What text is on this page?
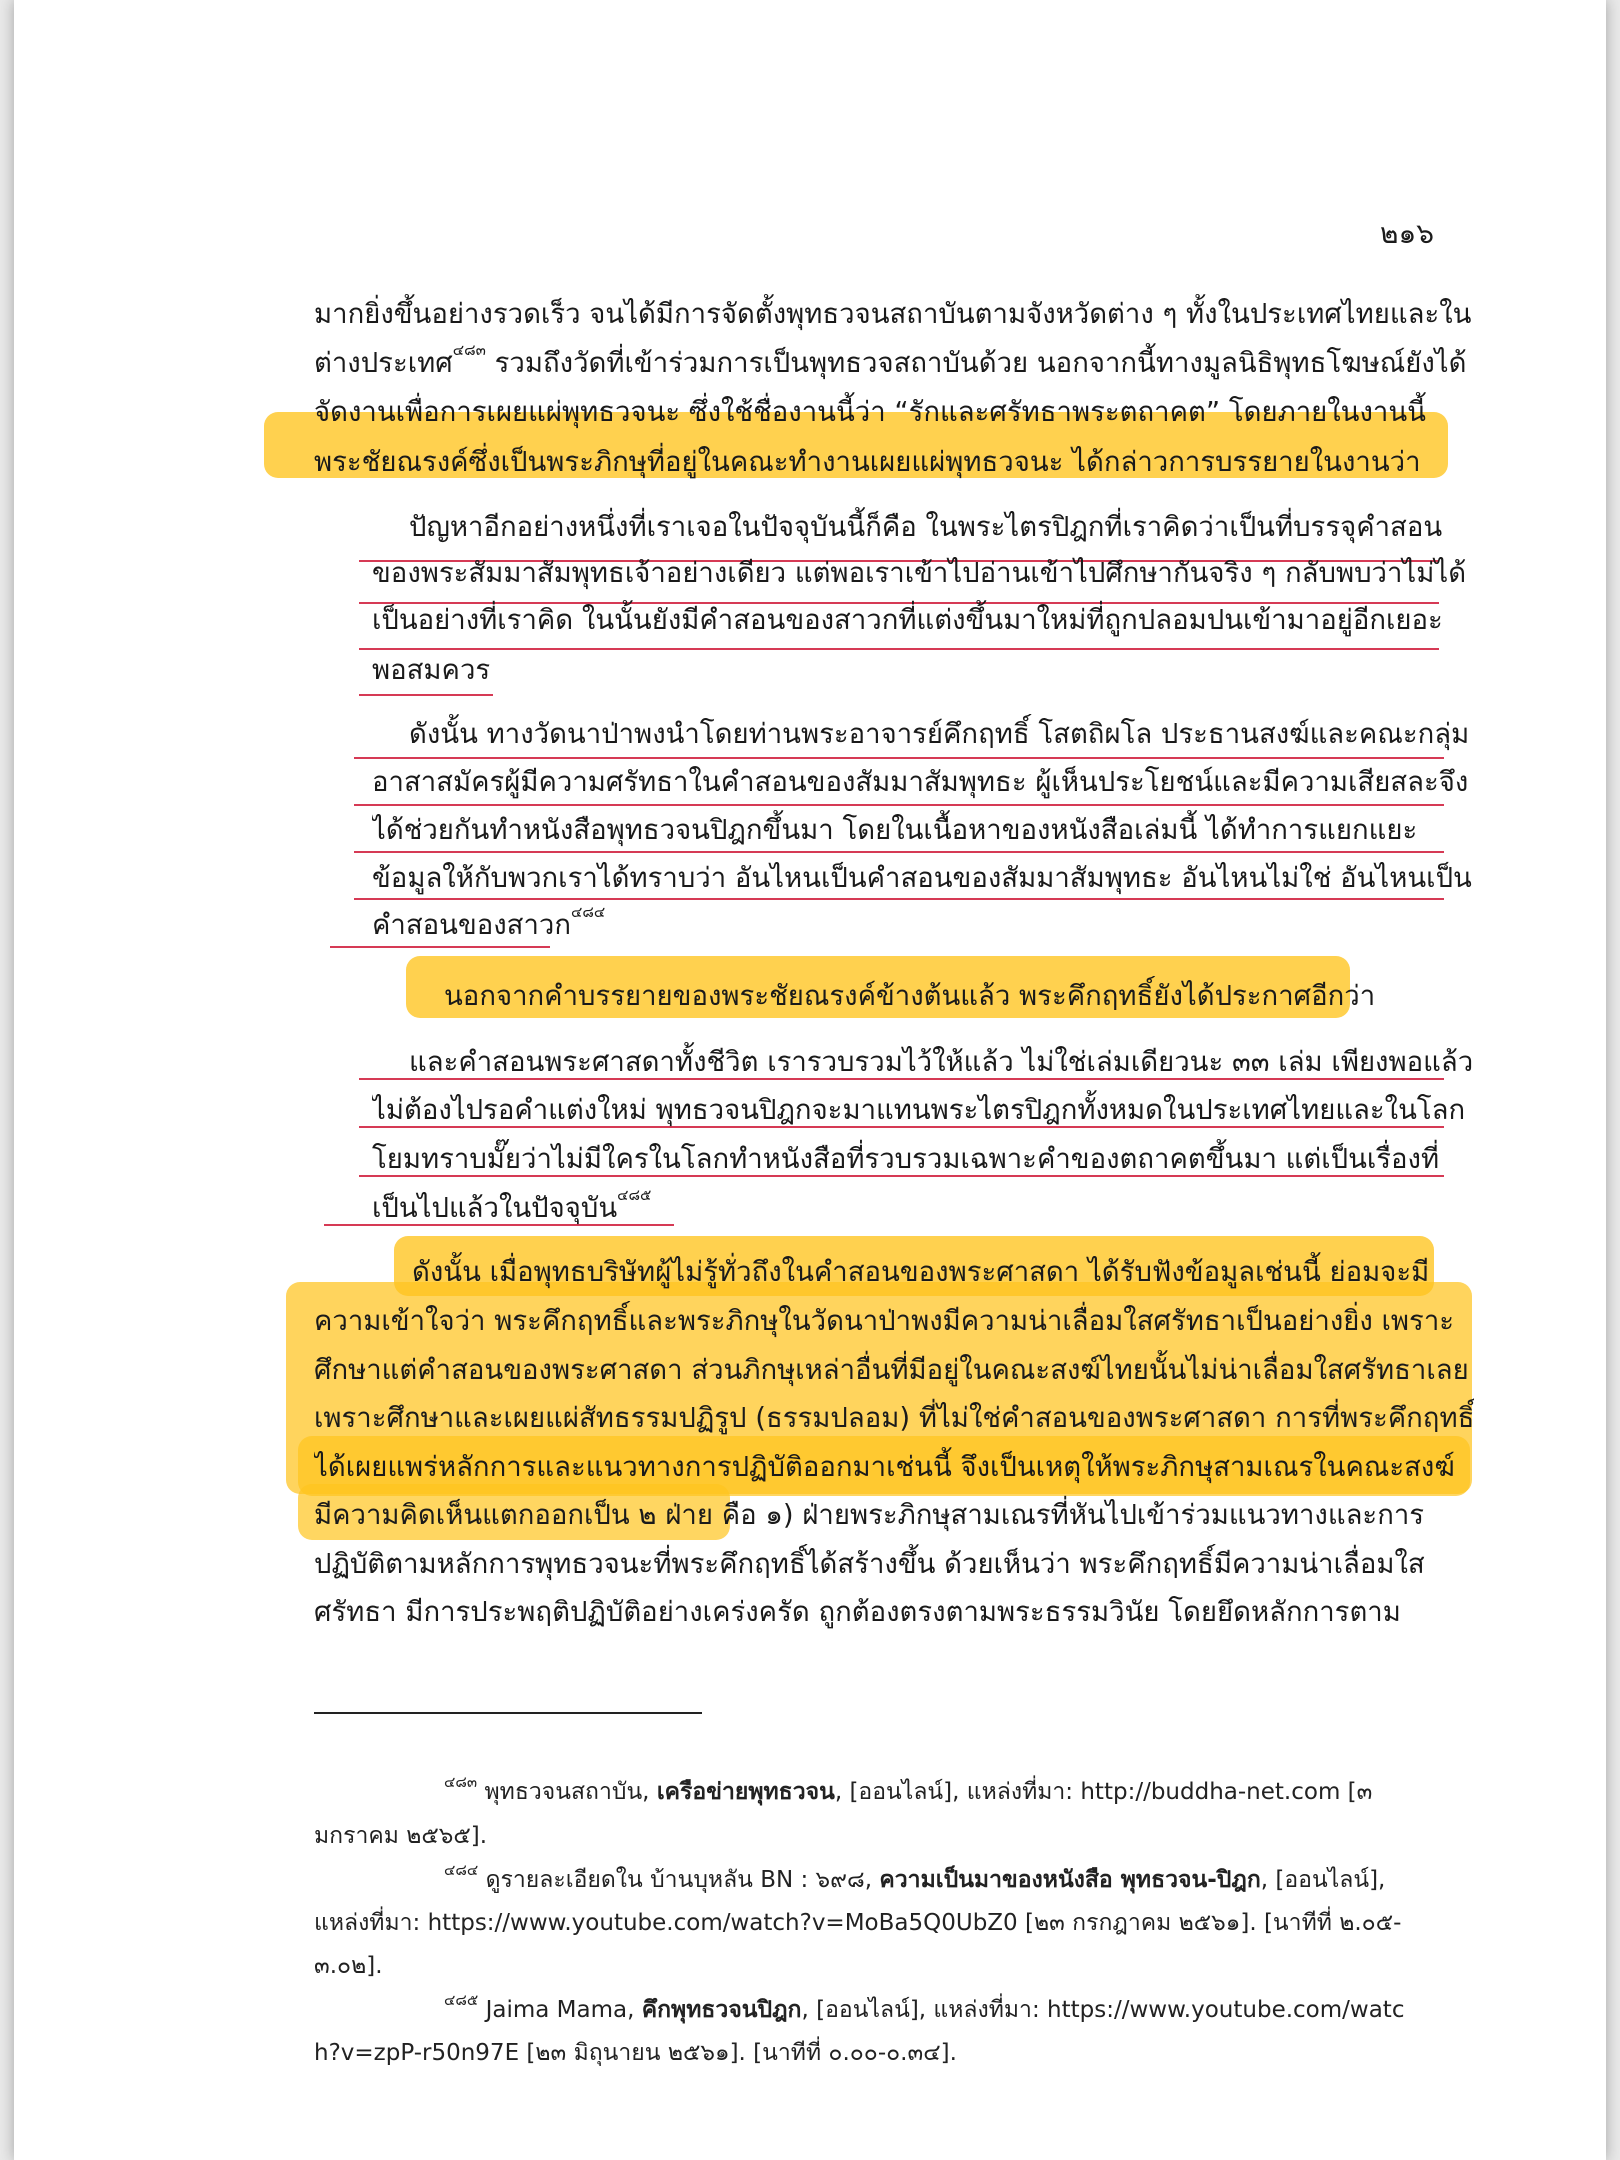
๒๑๖
มากยิ่งขึ้นอย่างรวดเร็ว จนได้มีการจัดตั้งพุทธวจนสถาบันตามจังหวัดต่าง ๆ ทั้งในประเทศไทยและใน
ต่างประเทศ$^{๔๘๓}$ รวมถึงวัดที่เข้าร่วมการเป็นพุทธวจสถาบันด้วย นอกจากนี้ทางมูลนิธิพุทธโฆษณ์ยังได้
จัดงานเพื่อการเผยแผ่พุทธวจนะ ซึ่งใช้ชื่องานนี้ว่า “รักและศรัทธาพระตถาคต” โดยภายในงานนี้
พระชัยณรงค์ซึ่งเป็นพระภิกษุที่อยู่ในคณะทำงานเผยแผ่พุทธวจนะ ได้กล่าวการบรรยายในงานว่า
ปัญหาอีกอย่างหนึ่งที่เราเจอในปัจจุบันนี้ก็คือ ในพระไตรปิฎกที่เราคิดว่าเป็นที่บรรจุคำสอน
ของพระสัมมาสัมพุทธเจ้าอย่างเดียว แต่พอเราเข้าไปอ่านเข้าไปศึกษากันจริง ๆ กลับพบว่าไม่ได้
เป็นอย่างที่เราคิด ในนั้นยังมีคำสอนของสาวกที่แต่งขึ้นมาใหม่ที่ถูกปลอมปนเข้ามาอยู่อีกเยอะ
พอสมควร
ดังนั้น ทางวัดนาป่าพงนำโดยท่านพระอาจารย์คึกฤทธิ์ โสตถิผโล ประธานสงฆ์และคณะกลุ่ม
อาสาสมัครผู้มีความศรัทธาในคำสอนของสัมมาสัมพุทธะ ผู้เห็นประโยชน์และมีความเสียสละจึง
ได้ช่วยกันทำหนังสือพุทธวจนปิฎกขึ้นมา โดยในเนื้อหาของหนังสือเล่มนี้ ได้ทำการแยกแยะ
ข้อมูลให้กับพวกเราได้ทราบว่า อันไหนเป็นคำสอนของสัมมาสัมพุทธะ อันไหนไม่ใช่ อันไหนเป็น
คำสอนของสาวก$^{๔๘๔}$
นอกจากคำบรรยายของพระชัยณรงค์ข้างต้นแล้ว พระคึกฤทธิ์ยังได้ประกาศอีกว่า
และคำสอนพระศาสดาทั้งชีวิต เรารวบรวมไว้ให้แล้ว ไม่ใช่เล่มเดียวนะ ๓๓ เล่ม เพียงพอแล้ว
ไม่ต้องไปรอคำแต่งใหม่ พุทธวจนปิฎกจะมาแทนพระไตรปิฎกทั้งหมดในประเทศไทยและในโลก
โยมทราบมั๊ยว่าไม่มีใครในโลกทำหนังสือที่รวบรวมเฉพาะคำของตถาคตขึ้นมา แต่เป็นเรื่องที่
เป็นไปแล้วในปัจจุบัน$^{๔๘๕}$
ดังนั้น เมื่อพุทธบริษัทผู้ไม่รู้ทั่วถึงในคำสอนของพระศาสดา ได้รับฟังข้อมูลเช่นนี้ ย่อมจะมี
ความเข้าใจว่า พระคึกฤทธิ์และพระภิกษุในวัดนาป่าพงมีความน่าเลื่อมใสศรัทธาเป็นอย่างยิ่ง เพราะ
ศึกษาแต่คำสอนของพระศาสดา ส่วนภิกษุเหล่าอื่นที่มีอยู่ในคณะสงฆ์ไทยนั้นไม่น่าเลื่อมใสศรัทธาเลย
เพราะศึกษาและเผยแผ่สัทธรรมปฏิรูป (ธรรมปลอม) ที่ไม่ใช่คำสอนของพระศาสดา การที่พระคึกฤทธิ์
ได้เผยแพร่หลักการและแนวทางการปฏิบัติออกมาเช่นนี้ จึงเป็นเหตุให้พระภิกษุสามเณรในคณะสงฆ์
มีความคิดเห็นแตกออกเป็น ๒ ฝ่าย คือ ๑) ฝ่ายพระภิกษุสามเณรที่หันไปเข้าร่วมแนวทางและการ
ปฏิบัติตามหลักการพุทธวจนะที่พระคึกฤทธิ์ได้สร้างขึ้น ด้วยเห็นว่า พระคึกฤทธิ์มีความน่าเลื่อมใส
ศรัทธา มีการประพฤติปฏิบัติอย่างเคร่งครัด ถูกต้องตรงตามพระธรรมวินัย โดยยึดหลักการตาม
$^{๔๘๓}$ พุทธวจนสถาบัน, เครือข่ายพุทธวจน, [ออนไลน์], แหล่งที่มา: http://buddha-net.com [๓
มกราคม ๒๕๖๕].
$^{๔๘๔}$ ดูรายละเอียดใน บ้านบุหลัน BN : ๖๙๘, ความเป็นมาของหนังสือ พุทธวจน-ปิฎก, [ออนไลน์],
แหล่งที่มา: https://www.youtube.com/watch?v=MoBa5Q0UbZ0 [๒๓ กรกฎาคม ๒๕๖๑]. [นาทีที่ ๒.๐๕-
๓.๐๒].
$^{๔๘๕}$ Jaima Mama, คึกพุทธวจนปิฎก, [ออนไลน์], แหล่งที่มา: https://www.youtube.com/watc
h?v=zpP-r50n97E [๒๓ มิถุนายน ๒๕๖๑]. [นาทีที่ ๐.๐๐-๐.๓๔].
